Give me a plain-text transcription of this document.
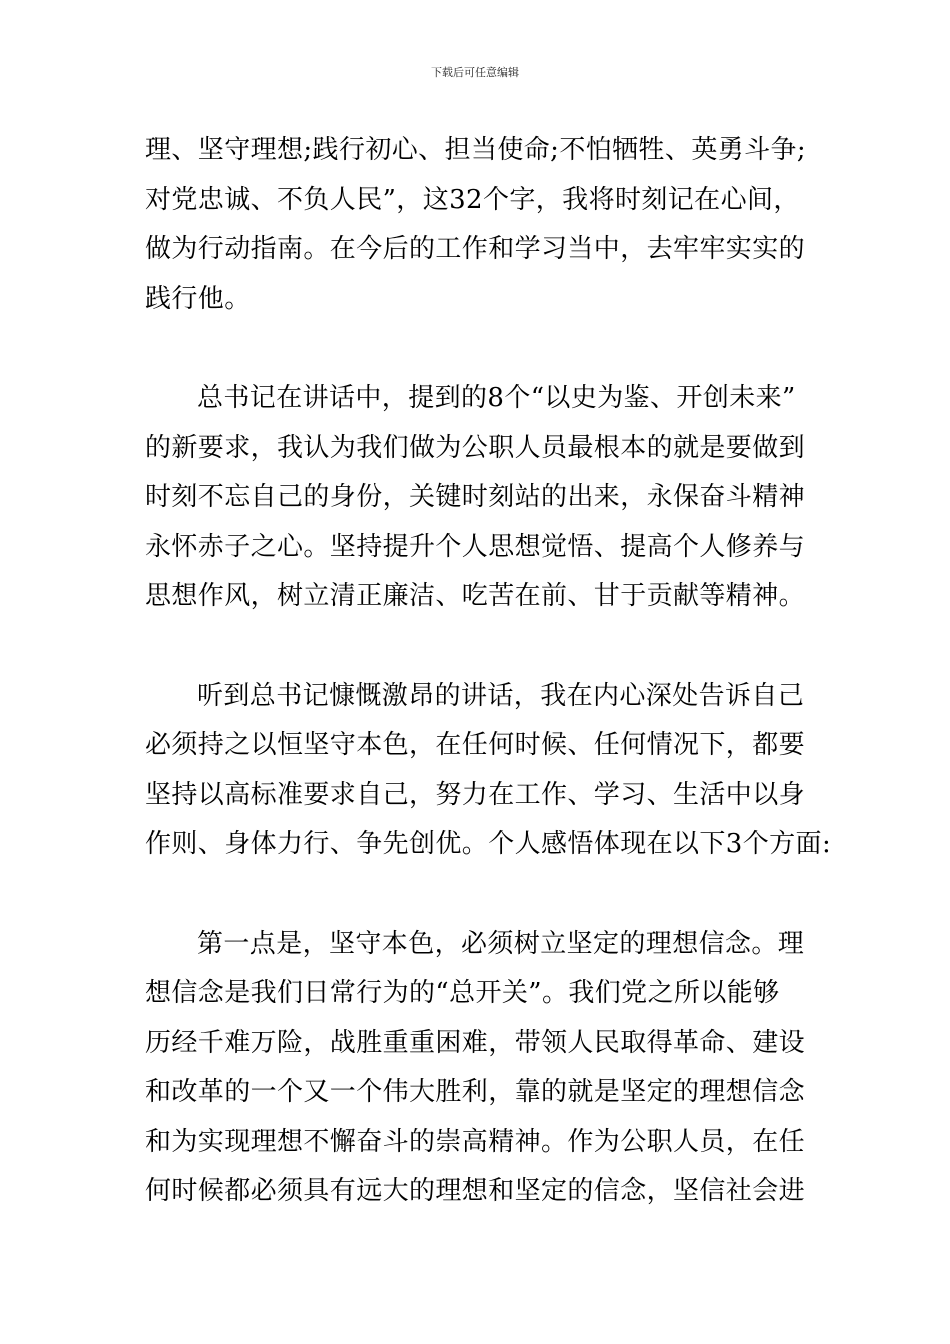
下载后可任意编辑
理、坚守理想;践行初心、担当使命;不怕牺牲、英勇斗争;
对党忠诚、不负人民”，这32个字，我将时刻记在心间，
做为行动指南。在今后的工作和学习当中，去牢牢实实的
践行他。
总书记在讲话中，提到的8个“以史为鉴、开创未来”
的新要求，我认为我们做为公职人员最根本的就是要做到
时刻不忘自己的身份，关键时刻站的出来，永保奋斗精神
永怀赤子之心。坚持提升个人思想觉悟、提高个人修养与
思想作风，树立清正廉洁、吃苦在前、甘于贡献等精神。
听到总书记慷慨激昂的讲话，我在内心深处告诉自己
必须持之以恒坚守本色，在任何时候、任何情况下，都要
坚持以高标准要求自己，努力在工作、学习、生活中以身
作则、身体力行、争先创优。个人感悟体现在以下3个方面:
第一点是，坚守本色，必须树立坚定的理想信念。理
想信念是我们日常行为的“总开关”。我们党之所以能够
历经千难万险，战胜重重困难，带领人民取得革命、建设
和改革的一个又一个伟大胜利，靠的就是坚定的理想信念
和为实现理想不懈奋斗的崇高精神。作为公职人员，在任
何时候都必须具有远大的理想和坚定的信念，坚信社会进
